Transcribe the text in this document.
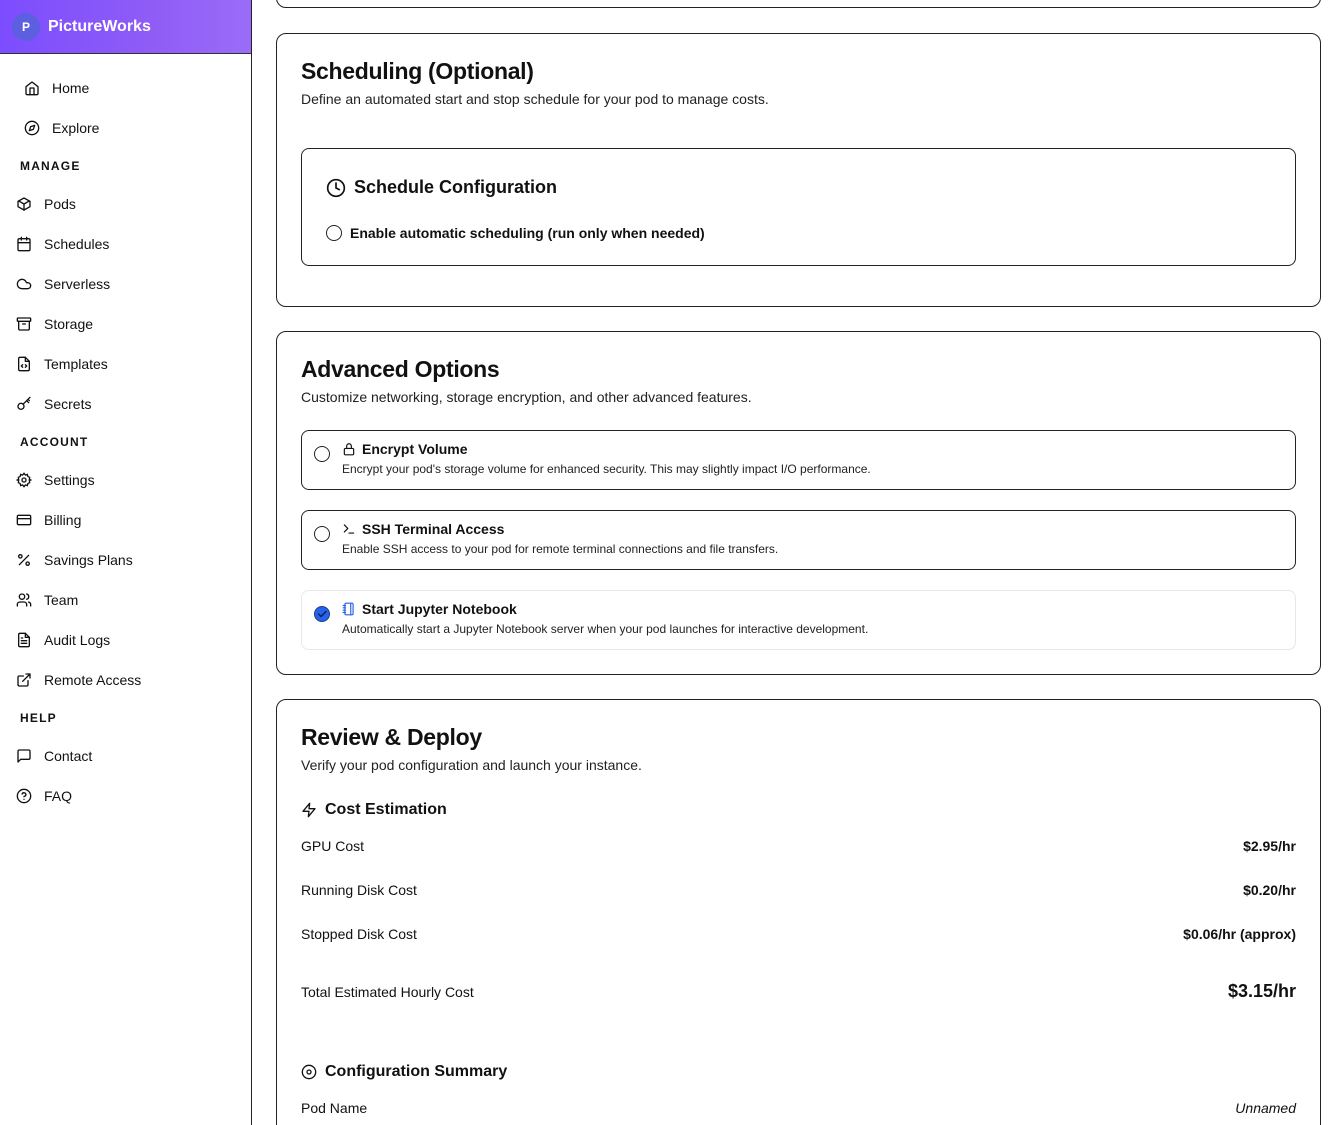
P	PictureWorks
Home
Explore
MANAGE
Pods
Schedules
Serverless
Storage
Templates
Secrets
ACCOUNT
Settings
Billing
Savings Plans
Team
Audit Logs
Remote Access
HELP
Contact
FAQ
Scheduling (Optional)

Define an automated start and stop schedule for your pod to manage costs.

Schedule Configuration
Enable automatic scheduling (run only when needed)
Advanced Options

Customize networking, storage encryption, and other advanced features.

Encrypt Volume
Encrypt your pod's storage volume for enhanced security. This may slightly impact I/O performance.
SSH Terminal Access
Enable SSH access to your pod for remote terminal connections and file transfers.
Start Jupyter Notebook
Automatically start a Jupyter Notebook server when your pod launches for interactive development.
Review & Deploy

Verify your pod configuration and launch your instance.

Cost Estimation
GPU Cost	$2.95/hr
Running Disk Cost	$0.20/hr
Stopped Disk Cost	$0.06/hr (approx)
Total Estimated Hourly Cost	$3.15/hr
Configuration Summary
Pod Name	Unnamed
